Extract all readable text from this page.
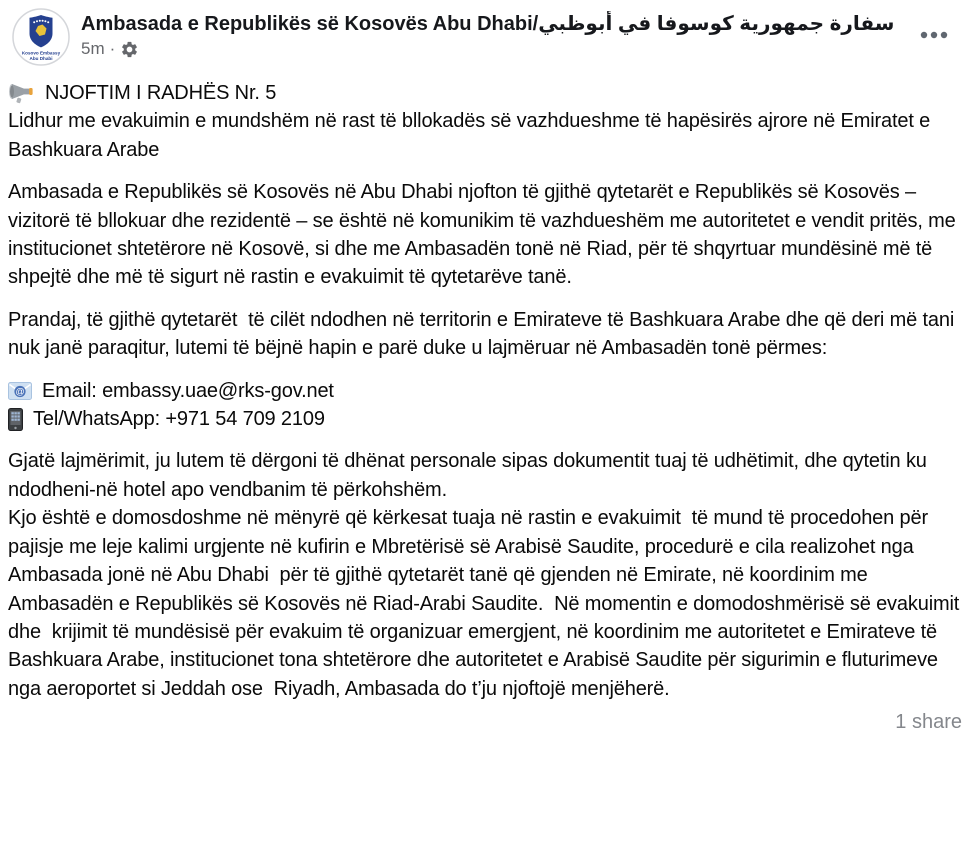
Kosovo Embassy
Abu Dhabi
Ambasada e Republikës së Kosovës Abu Dhabi/سفارة جمهورية كوسوفا في أبوظبي
5m ·
NJOFTIM I RADHËS Nr. 5
Lidhur me evakuimin e mundshëm në rast të bllokadës së vazhdueshme të hapësirës ajrore në Emiratet e Bashkuara Arabe
Ambasada e Republikës së Kosovës në Abu Dhabi njofton të gjithë qytetarët e Republikës së Kosovës – vizitorë të bllokuar dhe rezidentë – se është në komunikim të vazhdueshëm me autoritetet e vendit pritës, me institucionet shtetërore në Kosovë, si dhe me Ambasadën tonë në Riad, për të shqyrtuar mundësinë më të shpejtë dhe më të sigurt në rastin e evakuimit të qytetarëve tanë.
Prandaj, të gjithë qytetarët  të cilët ndodhen në territorin e Emirateve të Bashkuara Arabe dhe që deri më tani nuk janë paraqitur, lutemi të bëjnë hapin e parë duke u lajmëruar në Ambasadën tonë përmes:
@ Email: embassy.uae@rks-gov.net
Tel/WhatsApp: +971 54 709 2109
Gjatë lajmërimit, ju lutem të dërgoni të dhënat personale sipas dokumentit tuaj të udhëtimit, dhe qytetin ku ndodheni-në hotel apo vendbanim të përkohshëm.
Kjo është e domosdoshme në mënyrë që kërkesat tuaja në rastin e evakuimit  të mund të procedohen për pajisje me leje kalimi urgjente në kufirin e Mbretërisë së Arabisë Saudite, procedurë e cila realizohet nga Ambasada jonë në Abu Dhabi  për të gjithë qytetarët tanë që gjenden në Emirate, në koordinim me Ambasadën e Republikës së Kosovës në Riad-Arabi Saudite.  Në momentin e domodoshmërisë së evakuimit dhe  krijimit të mundësisë për evakuim të organizuar emergjent, në koordinim me autoritetet e Emirateve të Bashkuara Arabe, institucionet tona shtetërore dhe autoritetet e Arabisë Saudite për sigurimin e fluturimeve nga aeroportet si Jeddah ose  Riyadh, Ambasada do t’ju njoftojë menjëherë.
1 share
